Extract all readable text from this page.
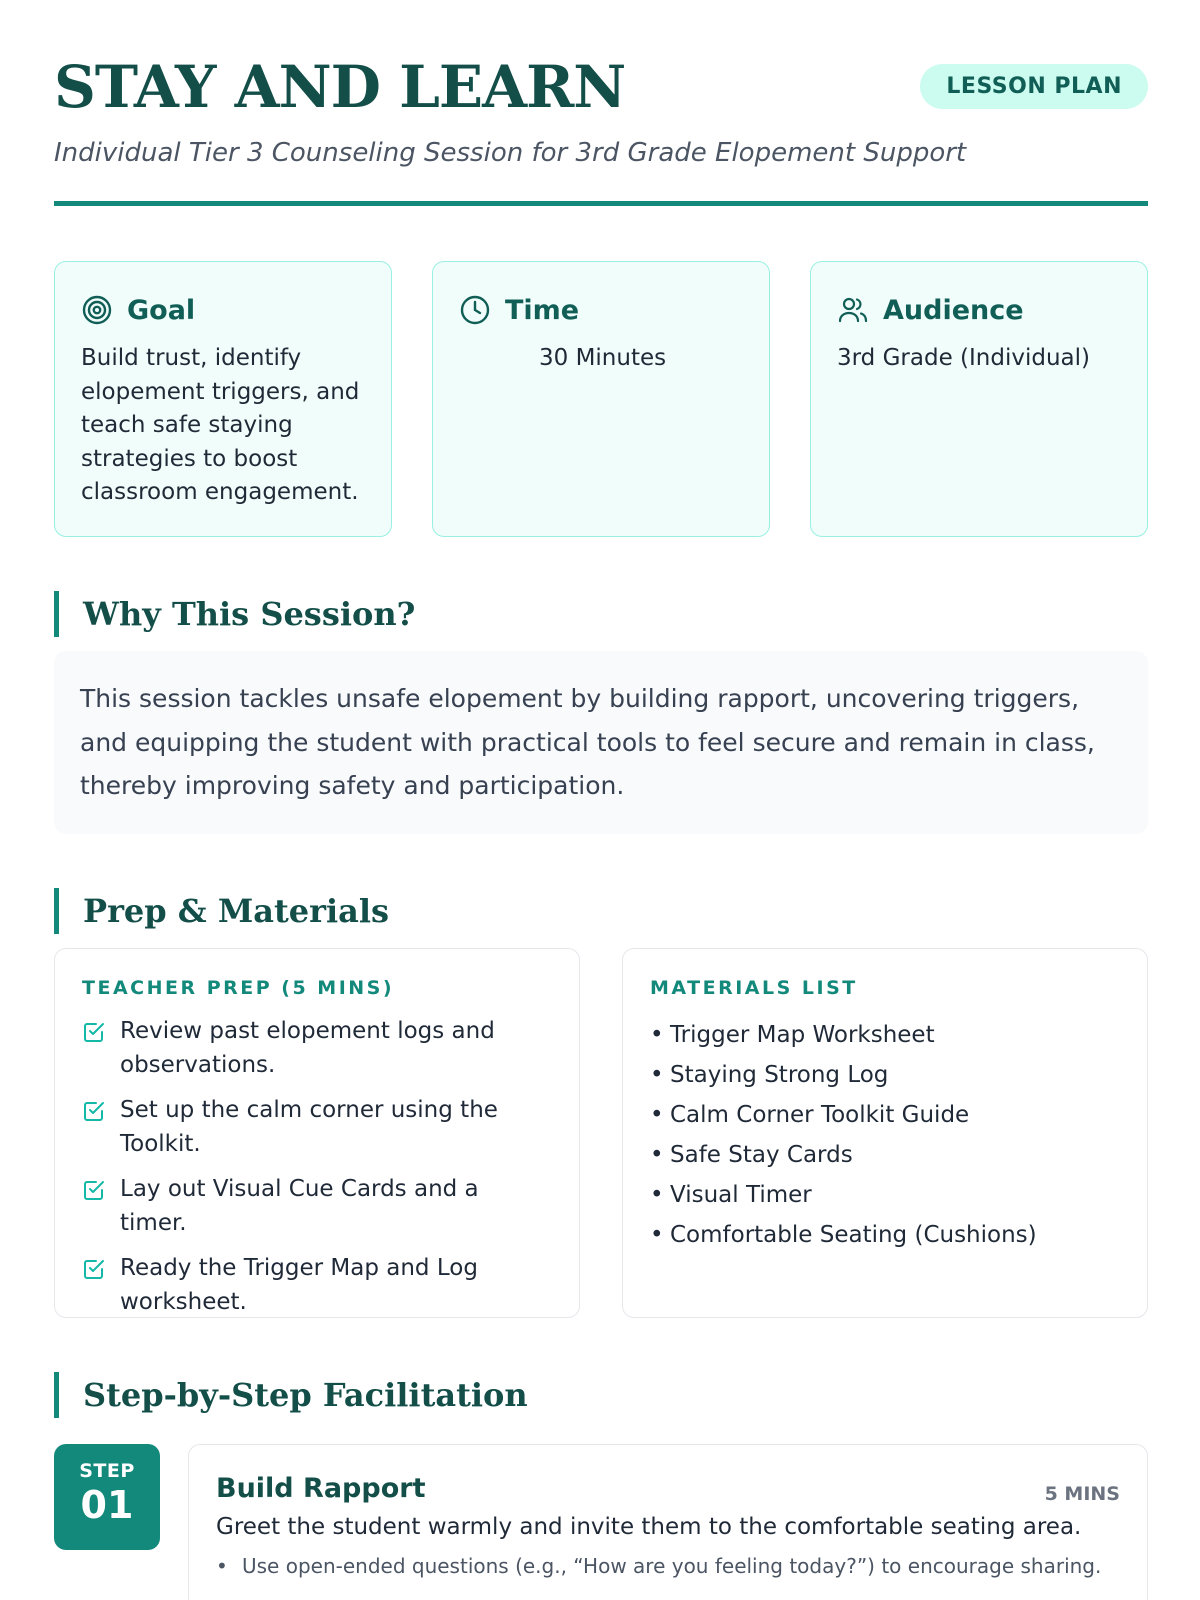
STAY AND LEARN
Individual Tier 3 Counseling Session for 3rd Grade Elopement Support
LESSON PLAN
Goal
Build trust, identify elopement triggers, and teach safe staying strategies to boost classroom engagement.
Time
30 Minutes
Audience
3rd Grade (Individual)
Why This Session?
This session tackles unsafe elopement by building rapport, uncovering triggers, and equipping the student with practical tools to feel secure and remain in class, thereby improving safety and participation.
Prep & Materials
TEACHER PREP (5 MINS)
Review past elopement logs and observations.
Set up the calm corner using the Toolkit.
Lay out Visual Cue Cards and a timer.
Ready the Trigger Map and Log worksheet.
MATERIALS LIST
• Trigger Map Worksheet
• Staying Strong Log
• Calm Corner Toolkit Guide
• Safe Stay Cards
• Visual Timer
• Comfortable Seating (Cushions)
Step-by-Step Facilitation
STEP
01	Build Rapport	5 MINS
Greet the student warmly and invite them to the comfortable seating area.
• Use open-ended questions (e.g., “How are you feeling today?”) to encourage sharing.
